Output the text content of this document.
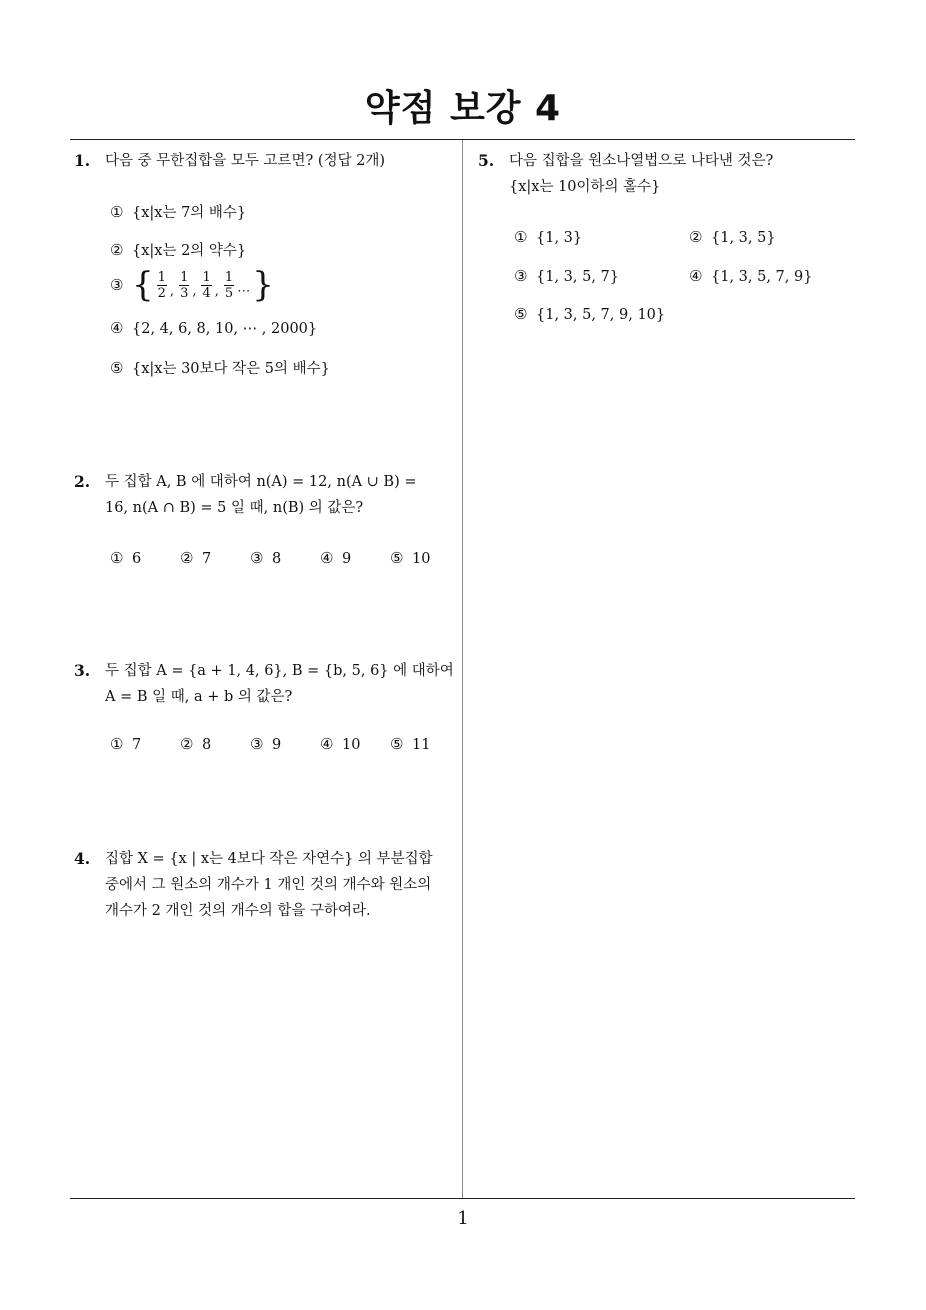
약점 보강 4
1
1. 다음 중 무한집합을 모두 고르면? (정답 2개)
① {x|x는 7의 배수}
② {x|x는 2의 약수}
③ { $\frac{1}{2}$ , $\frac{1}{3}$ , $\frac{1}{4}$ , $\frac{1}{5}$ ⋯ }
④ {2, 4, 6, 8, 10, ⋯ , 2000}
⑤ {x|x는 30보다 작은 5의 배수}
2. 두 집합 A, B 에 대하여 n(A) = 12, n(A ∪ B) =
16, n(A ∩ B) = 5 일 때, n(B) 의 값은?
① 6	② 7	③ 8	④ 9	⑤ 10
3. 두 집합 A = {a + 1, 4, 6}, B = {b, 5, 6} 에 대하여
A = B 일 때, a + b 의 값은?
① 7	② 8	③ 9	④ 10 ⑤ 11
4. 집합 X = {x | x는 4보다 작은 자연수} 의 부분집합
중에서 그 원소의 개수가 1 개인 것의 개수와 원소의
개수가 2 개인 것의 개수의 합을 구하여라.
5. 다음 집합을 원소나열법으로 나타낸 것은?
{x|x는 10이하의 홀수}
① {1, 3}	② {1, 3, 5}
③ {1, 3, 5, 7}	④ {1, 3, 5, 7, 9}
⑤ {1, 3, 5, 7, 9, 10}
